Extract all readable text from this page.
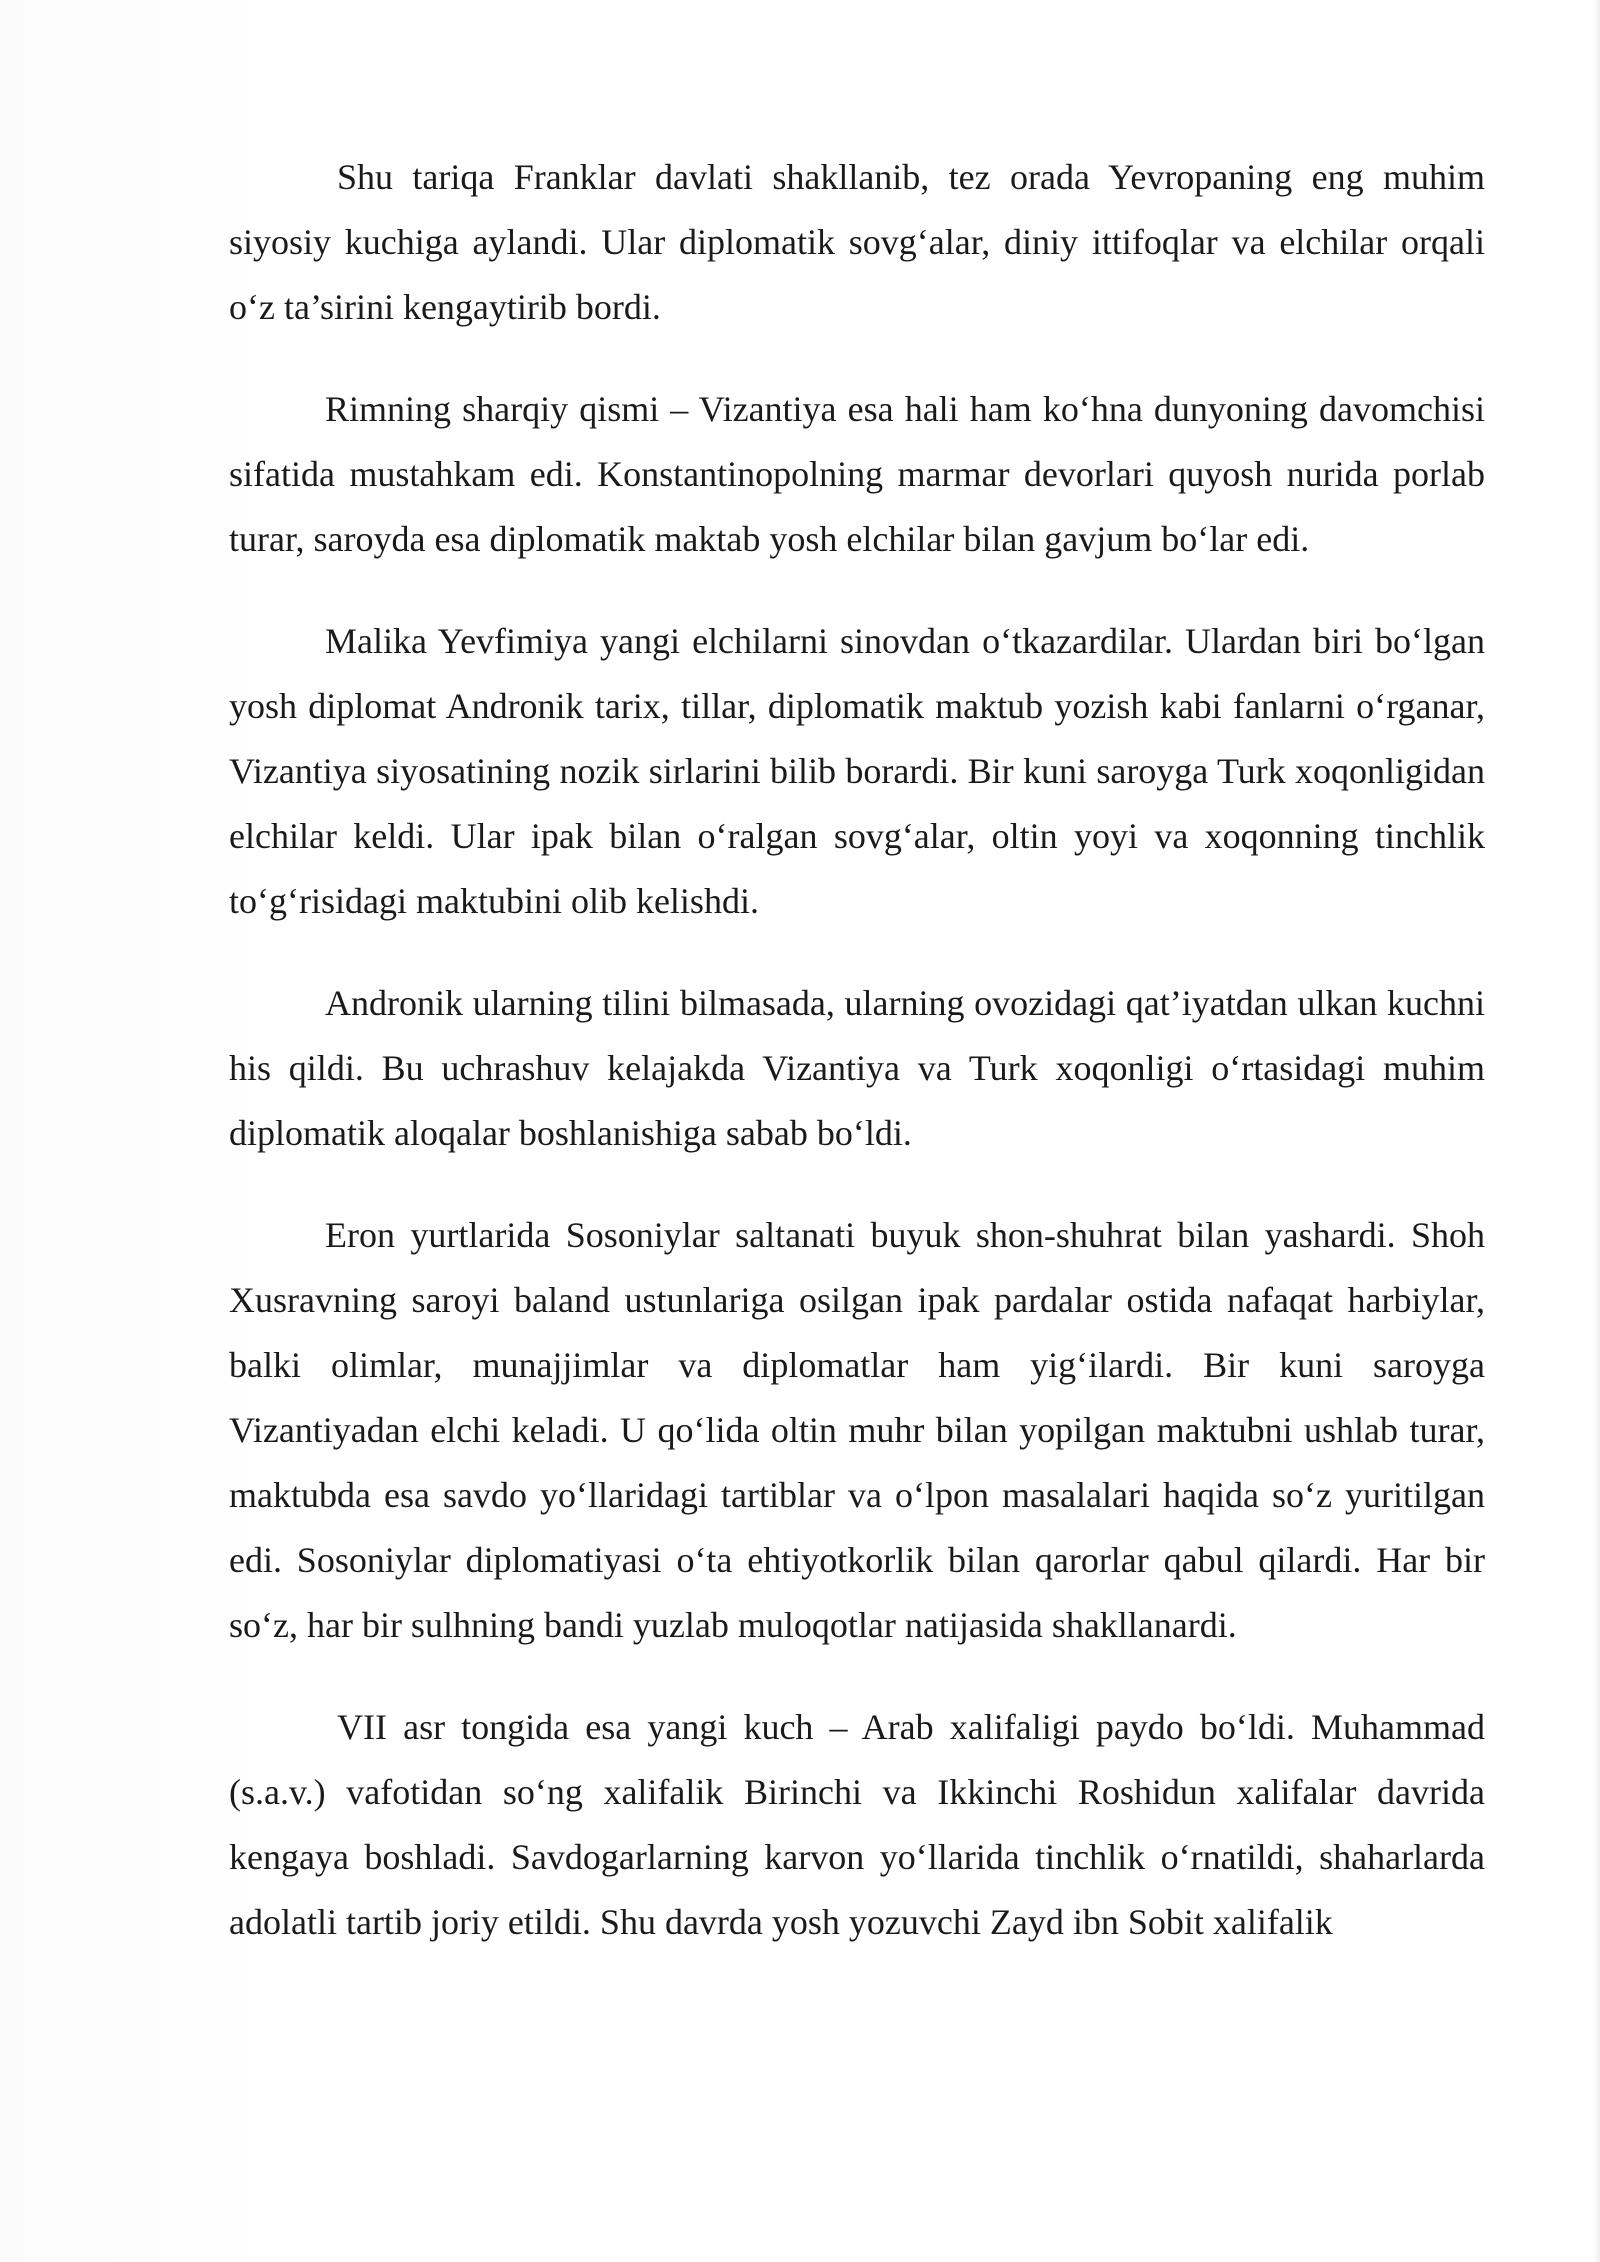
Shu tariqa Franklar davlati shakllanib, tez orada Yevropaning eng muhim siyosiy kuchiga aylandi. Ular diplomatik sovg‘alar, diniy ittifoqlar va elchilar orqali o‘z ta’sirini kengaytirib bordi.

Rimning sharqiy qismi – Vizantiya esa hali ham ko‘hna dunyoning davomchisi sifatida mustahkam edi. Konstantinopolning marmar devorlari quyosh nurida porlab turar, saroyda esa diplomatik maktab yosh elchilar bilan gavjum bo‘lar edi.

Malika Yevfimiya yangi elchilarni sinovdan o‘tkazardilar. Ulardan biri bo‘lgan yosh diplomat Andronik tarix, tillar, diplomatik maktub yozish kabi fanlarni o‘rganar, Vizantiya siyosatining nozik sirlarini bilib borardi. Bir kuni saroyga Turk xoqonligidan elchilar keldi. Ular ipak bilan o‘ralgan sovg‘alar, oltin yoyi va xoqonning tinchlik to‘g‘risidagi maktubini olib kelishdi.

Andronik ularning tilini bilmasada, ularning ovozidagi qat’iyatdan ulkan kuchni his qildi. Bu uchrashuv kelajakda Vizantiya va Turk xoqonligi o‘rtasidagi muhim diplomatik aloqalar boshlanishiga sabab bo‘ldi.

Eron yurtlarida Sosoniylar saltanati buyuk shon-shuhrat bilan yashardi. Shoh Xusravning saroyi baland ustunlariga osilgan ipak pardalar ostida nafaqat harbiylar, balki olimlar, munajjimlar va diplomatlar ham yig‘ilardi. Bir kuni saroyga Vizantiyadan elchi keladi. U qo‘lida oltin muhr bilan yopilgan maktubni ushlab turar, maktubda esa savdo yo‘llaridagi tartiblar va o‘lpon masalalari haqida so‘z yuritilgan edi. Sosoniylar diplomatiyasi o‘ta ehtiyotkorlik bilan qarorlar qabul qilardi. Har bir so‘z, har bir sulhning bandi yuzlab muloqotlar natijasida shakllanardi.

VII asr tongida esa yangi kuch – Arab xalifaligi paydo bo‘ldi. Muhammad (s.a.v.) vafotidan so‘ng xalifalik Birinchi va Ikkinchi Roshidun xalifalar davrida kengaya boshladi. Savdogarlarning karvon yo‘llarida tinchlik o‘rnatildi, shaharlarda adolatli tartib joriy etildi. Shu davrda yosh yozuvchi Zayd ibn Sobit xalifalik
